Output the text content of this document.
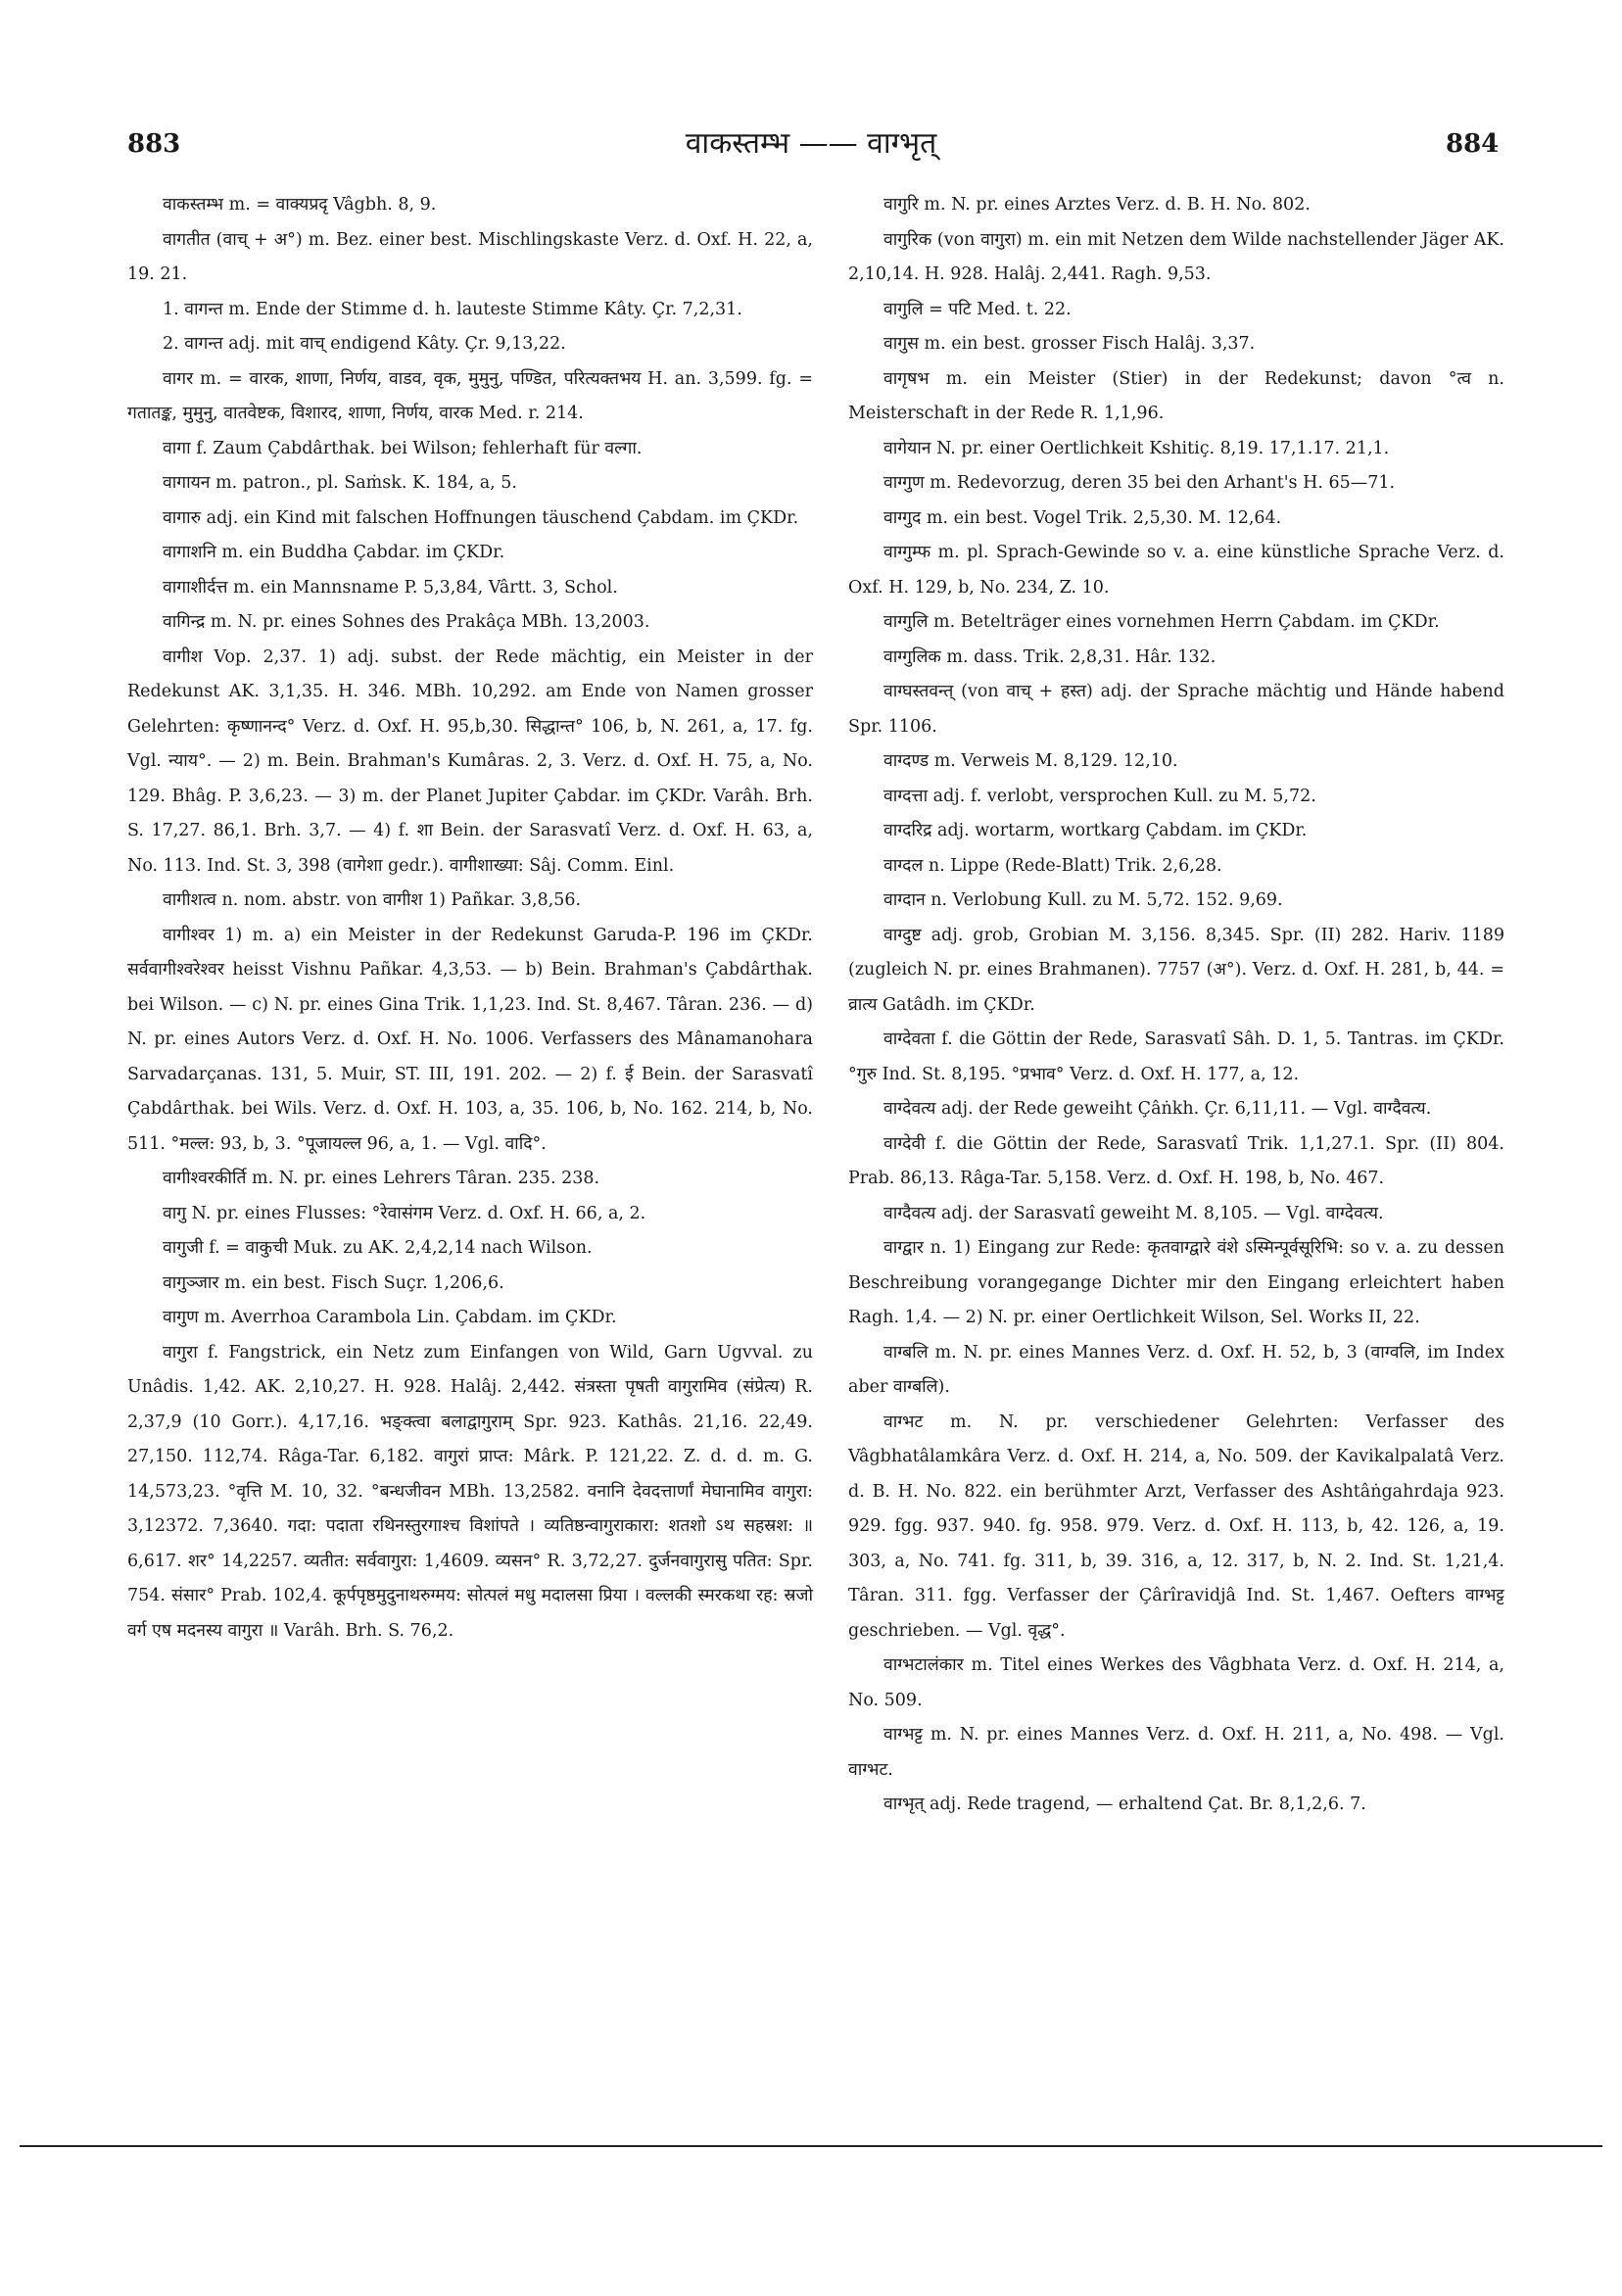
883	वाकस्तम्भ —— वाग्भृत्	884

वाकस्तम्भ m. = वाक्यप्रदृ Vâgbh. 8, 9.

वागतीत (वाच् + अ°) m. Bez. einer best. Mischlingskaste Verz. d. Oxf. H. 22, a, 19. 21.

1. वागन्त m. Ende der Stimme d. h. lauteste Stimme Kâty. Çr. 7,2,31.

2. वागन्त adj. mit वाच् endigend Kâty. Çr. 9,13,22.

वागर m. = वारक, शाणा, निर्णय, वाडव, वृक, मुमुनु, पण्डित, परित्यक्तभय H. an. 3,599. fg. = गतातङ्क, मुमुनु, वातवेष्टक, विशारद, शाणा, निर्णय, वारक Med. r. 214.

वागा f. Zaum Çabdârthak. bei Wilson; fehlerhaft für वल्गा.

वागायन m. patron., pl. Saṁsk. K. 184, a, 5.

वागारु adj. ein Kind mit falschen Hoffnungen täuschend Çabdam. im ÇKDr.

वागाशनि m. ein Buddha Çabdar. im ÇKDr.

वागाशीर्दत्त m. ein Mannsname P. 5,3,84, Vârtt. 3, Schol.

वागिन्द्र m. N. pr. eines Sohnes des Prakâça MBh. 13,2003.

वागीश Vop. 2,37. 1) adj. subst. der Rede mächtig, ein Meister in der Redekunst AK. 3,1,35. H. 346. MBh. 10,292. am Ende von Namen grosser Gelehrten: कृष्णानन्द° Verz. d. Oxf. H. 95,b,30. सिद्धान्त° 106, b, N. 261, a, 17. fg. Vgl. न्याय°. — 2) m. Bein. Brahman's Kumâras. 2, 3. Verz. d. Oxf. H. 75, a, No. 129. Bhâg. P. 3,6,23. — 3) m. der Planet Jupiter Çabdar. im ÇKDr. Varâh. Brh. S. 17,27. 86,1. Brh. 3,7. — 4) f. शा Bein. der Sarasvatî Verz. d. Oxf. H. 63, a, No. 113. Ind. St. 3, 398 (वागेशा gedr.). वागीशाख्या: Sâj. Comm. Einl.

वागीशत्व n. nom. abstr. von वागीश 1) Pañkar. 3,8,56.

वागीश्वर 1) m. a) ein Meister in der Redekunst Garuda-P. 196 im ÇKDr. सर्ववागीश्वरेश्वर heisst Vishnu Pañkar. 4,3,53. — b) Bein. Brahman's Çabdârthak. bei Wilson. — c) N. pr. eines Gina Trik. 1,1,23. Ind. St. 8,467. Târan. 236. — d) N. pr. eines Autors Verz. d. Oxf. H. No. 1006. Verfassers des Mânamanohara Sarvadarçanas. 131, 5. Muir, ST. III, 191. 202. — 2) f. ई Bein. der Sarasvatî Çabdârthak. bei Wils. Verz. d. Oxf. H. 103, a, 35. 106, b, No. 162. 214, b, No. 511. °मल्ल: 93, b, 3. °पूजायल्ल 96, a, 1. — Vgl. वादि°.

वागीश्वरकीर्ति m. N. pr. eines Lehrers Târan. 235. 238.

वागु N. pr. eines Flusses: °रेवासंगम Verz. d. Oxf. H. 66, a, 2.

वागुजी f. = वाकुची Muk. zu AK. 2,4,2,14 nach Wilson.

वागुञ्जार m. ein best. Fisch Suçr. 1,206,6.

वागुण m. Averrhoa Carambola Lin. Çabdam. im ÇKDr.

वागुरा f. Fangstrick, ein Netz zum Einfangen von Wild, Garn Ugvval. zu Unâdis. 1,42. AK. 2,10,27. H. 928. Halâj. 2,442. संत्रस्ता पृषती वागुरामिव (संप्रेत्य) R. 2,37,9 (10 Gorr.). 4,17,16. भङ्क्त्वा बलाद्वागुराम् Spr. 923. Kathâs. 21,16. 22,49. 27,150. 112,74. Râga-Tar. 6,182. वागुरां प्राप्त: Mârk. P. 121,22. Z. d. d. m. G. 14,573,23. °वृत्ति M. 10, 32. °बन्धजीवन MBh. 13,2582. वनानि देवदत्तार्णां मेघानामिव वागुरा: 3,12372. 7,3640. गदा: पदाता रथिनस्तुरगाश्च विशांपते । व्यतिष्ठन्वागुराकारा: शतशो ऽथ सहस्रश: ॥ 6,617. शर° 14,2257. व्यतीत: सर्ववागुरा: 1,4609. व्यसन° R. 3,72,27. दुर्जनवागुरासु पतित: Spr. 754. संसार° Prab. 102,4. कूर्पपृष्ठमुदुनाथरुग्मय: सोत्पलं मधु मदालसा प्रिया । वल्लकी स्मरकथा रह: स्रजो वर्ग एष मदनस्य वागुरा ॥ Varâh. Brh. S. 76,2.

वागुरि m. N. pr. eines Arztes Verz. d. B. H. No. 802.

वागुरिक (von वागुरा) m. ein mit Netzen dem Wilde nachstellender Jäger AK. 2,10,14. H. 928. Halâj. 2,441. Ragh. 9,53.

वागुलि = पटि Med. t. 22.

वागुस m. ein best. grosser Fisch Halâj. 3,37.

वागृषभ m. ein Meister (Stier) in der Redekunst; davon °त्व n. Meisterschaft in der Rede R. 1,1,96.

वागेयान N. pr. einer Oertlichkeit Kshitiç. 8,19. 17,1.17. 21,1.

वाग्गुण m. Redevorzug, deren 35 bei den Arhant's H. 65—71.

वाग्गुद m. ein best. Vogel Trik. 2,5,30. M. 12,64.

वाग्गुम्फ m. pl. Sprach-Gewinde so v. a. eine künstliche Sprache Verz. d. Oxf. H. 129, b, No. 234, Z. 10.

वाग्गुलि m. Betelträger eines vornehmen Herrn Çabdam. im ÇKDr.

वाग्गुलिक m. dass. Trik. 2,8,31. Hâr. 132.

वाग्घस्तवन्त् (von वाच् + हस्त) adj. der Sprache mächtig und Hände habend Spr. 1106.

वाग्दण्ड m. Verweis M. 8,129. 12,10.

वाग्दत्ता adj. f. verlobt, versprochen Kull. zu M. 5,72.

वाग्दरिद्र adj. wortarm, wortkarg Çabdam. im ÇKDr.

वाग्दल n. Lippe (Rede-Blatt) Trik. 2,6,28.

वाग्दान n. Verlobung Kull. zu M. 5,72. 152. 9,69.

वाग्दुष्ट adj. grob, Grobian M. 3,156. 8,345. Spr. (II) 282. Hariv. 1189 (zugleich N. pr. eines Brahmanen). 7757 (अ°). Verz. d. Oxf. H. 281, b, 44. = व्रात्य Gatâdh. im ÇKDr.

वाग्देवता f. die Göttin der Rede, Sarasvatî Sâh. D. 1, 5. Tantras. im ÇKDr. °गुरु Ind. St. 8,195. °प्रभाव° Verz. d. Oxf. H. 177, a, 12.

वाग्देवत्य adj. der Rede geweiht Çâṅkh. Çr. 6,11,11. — Vgl. वाग्दैवत्य.

वाग्देवी f. die Göttin der Rede, Sarasvatî Trik. 1,1,27.1. Spr. (II) 804. Prab. 86,13. Râga-Tar. 5,158. Verz. d. Oxf. H. 198, b, No. 467.

वाग्दैवत्य adj. der Sarasvatî geweiht M. 8,105. — Vgl. वाग्देवत्य.

वाग्द्वार n. 1) Eingang zur Rede: कृतवाग्द्वारे वंशे ऽस्मिन्पूर्वसूरिभि: so v. a. zu dessen Beschreibung vorangegange Dichter mir den Eingang erleichtert haben Ragh. 1,4. — 2) N. pr. einer Oertlichkeit Wilson, Sel. Works II, 22.

वाग्बलि m. N. pr. eines Mannes Verz. d. Oxf. H. 52, b, 3 (वाग्वलि, im Index aber वाग्बलि).

वाग्भट m. N. pr. verschiedener Gelehrten: Verfasser des Vâgbhatâlamkâra Verz. d. Oxf. H. 214, a, No. 509. der Kavikalpalatâ Verz. d. B. H. No. 822. ein berühmter Arzt, Verfasser des Ashtâṅgahrdaja 923. 929. fgg. 937. 940. fg. 958. 979. Verz. d. Oxf. H. 113, b, 42. 126, a, 19. 303, a, No. 741. fg. 311, b, 39. 316, a, 12. 317, b, N. 2. Ind. St. 1,21,4. Târan. 311. fgg. Verfasser der Çârîravidjâ Ind. St. 1,467. Oefters वाग्भट्ट geschrieben. — Vgl. वृद्ध°.

वाग्भटालंकार m. Titel eines Werkes des Vâgbhata Verz. d. Oxf. H. 214, a, No. 509.

वाग्भट्ट m. N. pr. eines Mannes Verz. d. Oxf. H. 211, a, No. 498. — Vgl. वाग्भट.

वाग्भृत् adj. Rede tragend, — erhaltend Çat. Br. 8,1,2,6. 7.
